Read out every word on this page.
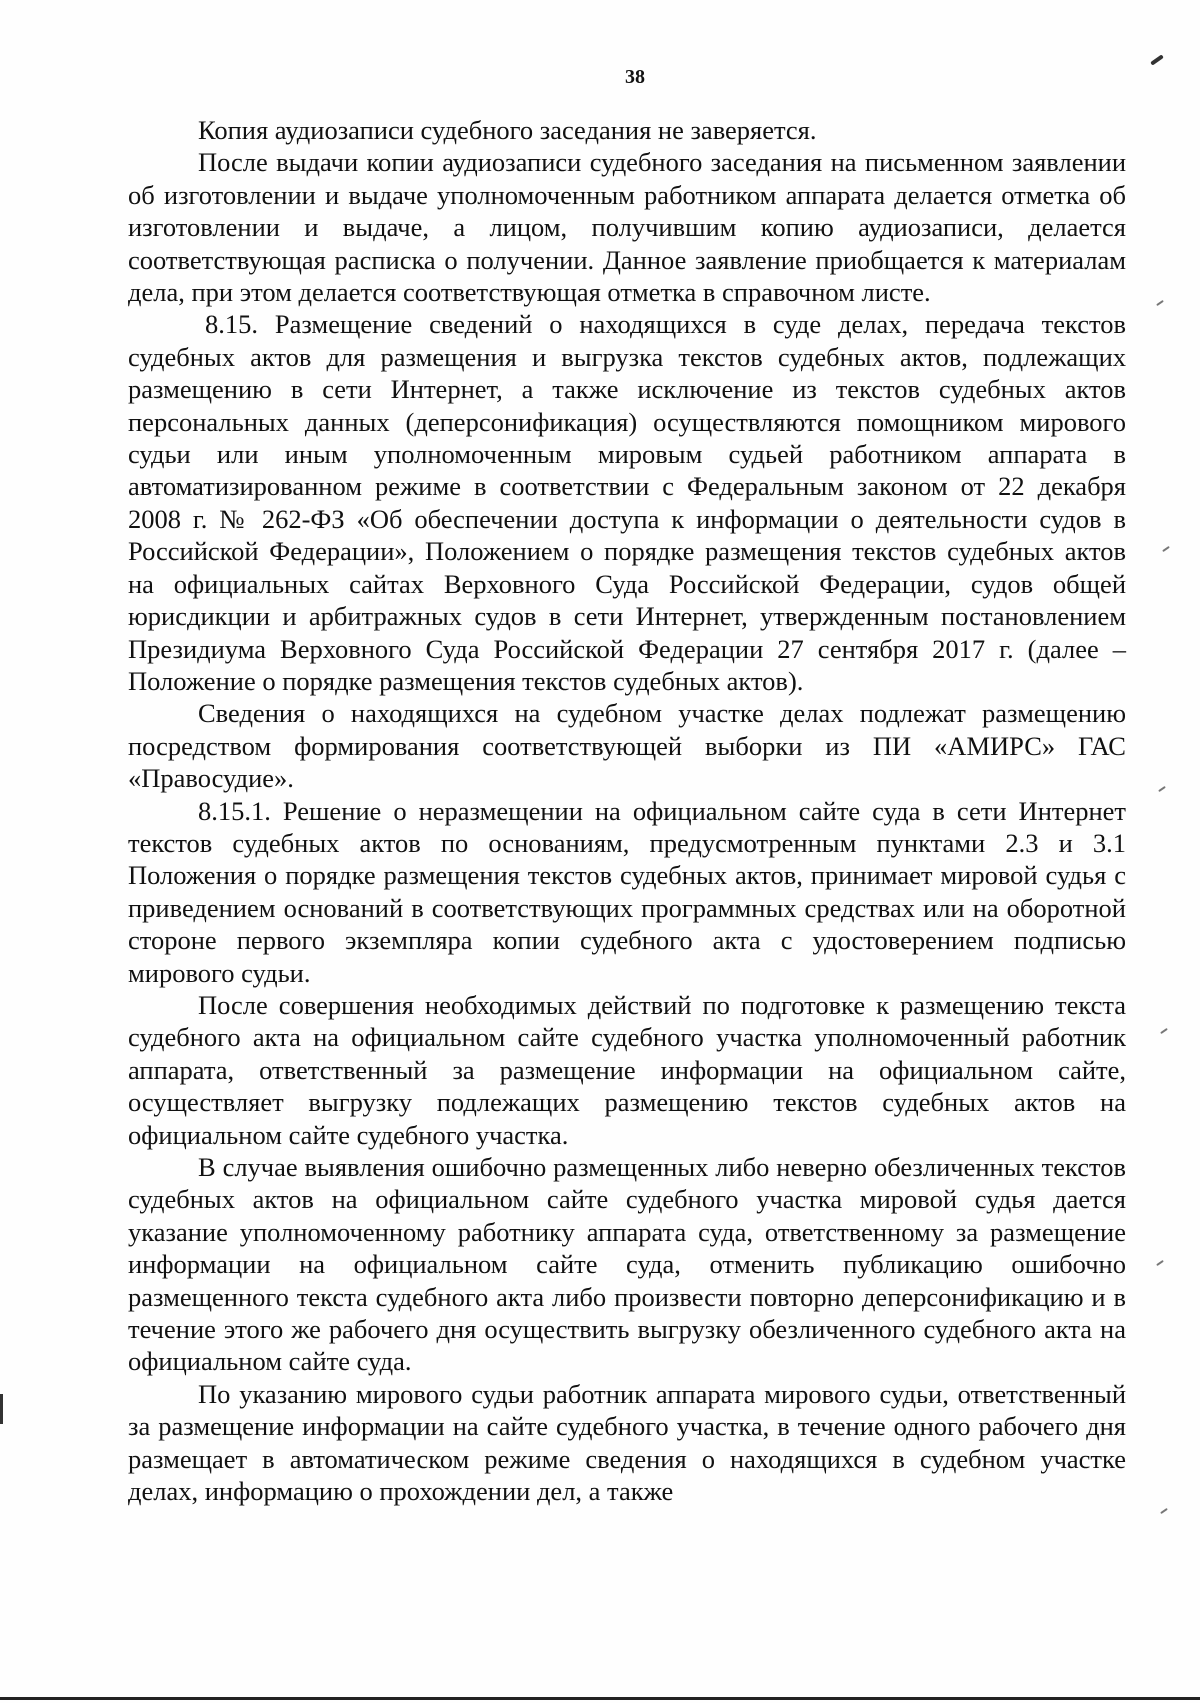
38

Копия аудиозаписи судебного заседания не заверяется.

После выдачи копии аудиозаписи судебного заседания на письменном заявлении об изготовлении и выдаче уполномоченным работником аппарата делается отметка об изготовлении и выдаче, а лицом, получившим копию аудиозаписи, делается соответствующая расписка о получении. Данное заявление приобщается к материалам дела, при этом делается соответствующая отметка в справочном листе.

8.15. Размещение сведений о находящихся в суде делах, передача текстов судебных актов для размещения и выгрузка текстов судебных актов, подлежащих размещению в сети Интернет, а также исключение из текстов судебных актов персональных данных (деперсонификация) осуществляются помощником мирового судьи или иным уполномоченным мировым судьей работником аппарата в автоматизированном режиме в соответствии с Федеральным законом от 22 декабря 2008 г. № 262-ФЗ «Об обеспечении доступа к информации о деятельности судов в Российской Федерации», Положением о порядке размещения текстов судебных актов на официальных сайтах Верховного Суда Российской Федерации, судов общей юрисдикции и арбитражных судов в сети Интернет, утвержденным постановлением Президиума Верховного Суда Российской Федерации 27 сентября 2017 г. (далее – Положение о порядке размещения текстов судебных актов).

Сведения о находящихся на судебном участке делах подлежат размещению посредством формирования соответствующей выборки из ПИ «АМИРС» ГАС «Правосудие».

8.15.1. Решение о неразмещении на официальном сайте суда в сети Интернет текстов судебных актов по основаниям, предусмотренным пунктами 2.3 и 3.1 Положения о порядке размещения текстов судебных актов, принимает мировой судья с приведением оснований в соответствующих программных средствах или на оборотной стороне первого экземпляра копии судебного акта с удостоверением подписью мирового судьи.

После совершения необходимых действий по подготовке к размещению текста судебного акта на официальном сайте судебного участка уполномоченный работник аппарата, ответственный за размещение информации на официальном сайте, осуществляет выгрузку подлежащих размещению текстов судебных актов на официальном сайте судебного участка.

В случае выявления ошибочно размещенных либо неверно обезличенных текстов судебных актов на официальном сайте судебного участка мировой судья дается указание уполномоченному работнику аппарата суда, ответственному за размещение информации на официальном сайте суда, отменить публикацию ошибочно размещенного текста судебного акта либо произвести повторно деперсонификацию и в течение этого же рабочего дня осуществить выгрузку обезличенного судебного акта на официальном сайте суда.

По указанию мирового судьи работник аппарата мирового судьи, ответственный за размещение информации на сайте судебного участка, в течение одного рабочего дня размещает в автоматическом режиме сведения о находящихся в судебном участке делах, информацию о прохождении дел, а также
